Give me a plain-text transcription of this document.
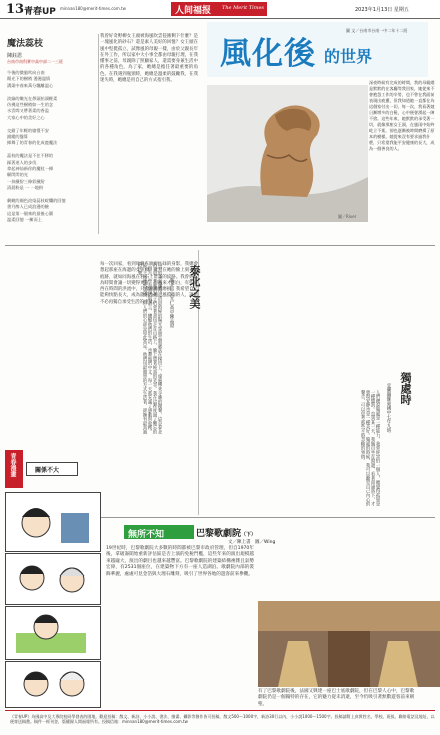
13 青春UP minnan180@merit-times.com.tw	人间福报 The Merit Times	2023年1月13日 星期五
魔法蕊枝
陳鈺恩
台南市南科實中高中部二一三班
午後的微風吹向台南
陽光下的樹梢 漫漫溫情
溝渠中春來萬分飄離溫心
淡綠的嫩光在鼻頭抬頭輕柔
仿佛這些樹梢如一生的念
水雲間又帶著柔的香盈
大家心中的美好之心
交錯了年輕的憧憬不安
錯縱的盤算
揮舞了的青春的化成鹿魔法
蕊枝的魔法是不住不移的
踩著迷人的步伐
拿起神仙新你的魔杖一揮
願閃閃的光
一抹繽紛三條彩繽紛
清晨粉是 一 一地粉
劇蛻的顏色渲染蕊枝綻爛的回憶
書月醉人已成浪漫的臉
這是第一個來的最後心圍
溫柔回憶 一擁而上
我曾好奇野柳女王頭被海風吹雲侵蝕剩下什麼？是一塊風化的砂石？還是素人美好的回憶？女王頭在風中堅挺孤立，試像風的母親一樣，由於父親長年在外工作，所以家中大小事全都由母親打理，在我懂事之前，母親除了照顧家人，還需要身兼生活中的各種角色，為了家，她總是擔任著最重要的角色。在我遇到瓶頸時，她總是溫柔的鼓勵我，在我迷失時，她總是用自己的方式指引我。
風化後 的世界
圖 文／台南市台南一中二年十二班
圖／River
深夜時候有完成的時間，我的母親總是默默的在客廳等我回家，她從來不會抱怨工作的辛勞，也不曾在我面前表現出疲憊，但我知道她一直都在為這個家付出一切。每一次，我看著她日漸增多的白髮，心中便會湧起一陣不捨。這些年來，她默默的承受著一切，就像那座女王頭，在風雨中始終屹立不搖，卻也逐漸被時間磨損了原本的模樣。她從來沒有要求過我什麼，只希望我能平安健康的長大，成為一個善良的人。
每一次回家，看到母親在廚房忙碌的身影，我總會想起那座在海邊的女王頭。歲月在她的臉上刻下了痕跡，就如同海風在岩石上留下的紋路。我曾經以為時間會讓一切變得更好，但後來才明白，有些東西在時間的洪流中，只會漸漸被磨損。我希望自己能夠快點長大，成為能夠為她遮風擋雨的人，讓她不必再獨自承受生活的重量。	泰北之美
新北市立光仁高中陳品澄
山中的霧氣瀰漫，清晨時候的陽光穿過雲層灑落在梯田上，遠處傳來寺廟的鐘聲，這是泰北的早晨。當地的孩子們背著書包走在山路上，臉上帶著純真的笑容。我在這裡度過了難忘的一個月，學習他們的語言，體驗他們的生活，也教他們中文。每一天都充滿了感動與收穫。這片土地雖然貧瘠，但人們的心卻是如此富足。他們用最簡單的方式生活著，卻擁有最真誠的快樂。
獨處時
宜蘭縣羅東國中七年九班
人們總說獨處是一種能力，我曾經害怕一個人，總覺得孤單是一種懲罰。直到某一天，我獨自坐在窗邊，看著雨滴落下，才發現安靜也是一種美好。獨處的時候，我可以聽見自己內心的聲音，可以思考那些平時忽略的事情。
青春漫畫	關係不大
無所不知	巴黎歌劇院（下）
文／陳上書　圖／Wing
19世紀時，巴黎歌劇院大多數的時間都被巴黎市政府管理，但自1970年後，拿破崙開始重新評估區是否上演的免稅門檻，這些年來的演出規模越來越龐大，演出的劇目也越來越豐富。巴黎歌劇院的建築結構複雜且氣勢宏偉，有2531個座位，在建築物下方有一座人造湖泊。歌劇院內部的裝飾華麗，處處可見金箔與大理石雕刻，吸引了世界各地的遊客前來參觀。
有了巴黎歌劇院後，法國又興建一座巴士底歌劇院，但在巴黎人心中，巴黎歌劇院仍是一個獨特的存在，它的魅力從未消逝，至今仍吸引著無數遊客前來朝聖。
《青春UP》為國高中及大專院校同學發表的園地，歡迎投稿：散文、新詩、小小說、書法、繪畫、攝影等創作皆可投稿，散文500～1000字，新詩30行以內，小小說1000～1500字。投稿請附上真實姓名、學校、班級、聯絡電話及地址，以便寄送稿費。稿件一經刊登，版權歸人間福報所有。投稿信箱：minnan180@merit-times.com.tw
